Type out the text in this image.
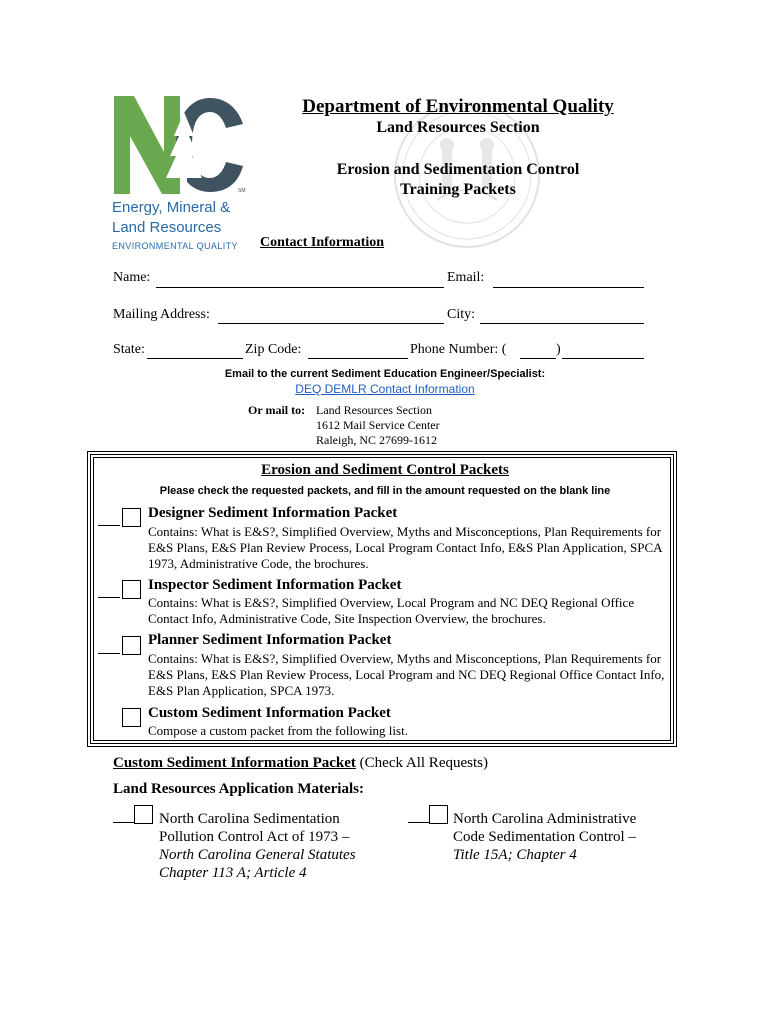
SM
Energy, Mineral &
Land Resources
ENVIRONMENTAL QUALITY
Department of Environmental Quality
Land Resources Section
Erosion and Sedimentation Control
Training Packets
Contact Information
Name:	Email:
Mailing Address:	City:
State:	Zip Code:	Phone Number: (	)
Email to the current Sediment Education Engineer/Specialist:
DEQ DEMLR Contact Information
Or mail to: Land Resources Section
1612 Mail Service Center
Raleigh, NC 27699-1612
Erosion and Sediment Control Packets
Please check the requested packets, and fill in the amount requested on the blank line
Designer Sediment Information Packet
Contains: What is E&S?, Simplified Overview, Myths and Misconceptions, Plan Requirements for E&S Plans, E&S Plan Review Process, Local Program Contact Info, E&S Plan Application, SPCA 1973, Administrative Code, the brochures.
Inspector Sediment Information Packet
Contains: What is E&S?, Simplified Overview, Local Program and NC DEQ Regional Office Contact Info, Administrative Code, Site Inspection Overview, the brochures.
Planner Sediment Information Packet
Contains: What is E&S?, Simplified Overview, Myths and Misconceptions, Plan Requirements for E&S Plans, E&S Plan Review Process, Local Program and NC DEQ Regional Office Contact Info, E&S Plan Application, SPCA 1973.
Custom Sediment Information Packet
Compose a custom packet from the following list.
Custom Sediment Information Packet (Check All Requests)
Land Resources Application Materials:
North Carolina Sedimentation
Pollution Control Act of 1973 –
North Carolina General Statutes
Chapter 113 A; Article 4
North Carolina Administrative
Code Sedimentation Control –
Title 15A; Chapter 4
